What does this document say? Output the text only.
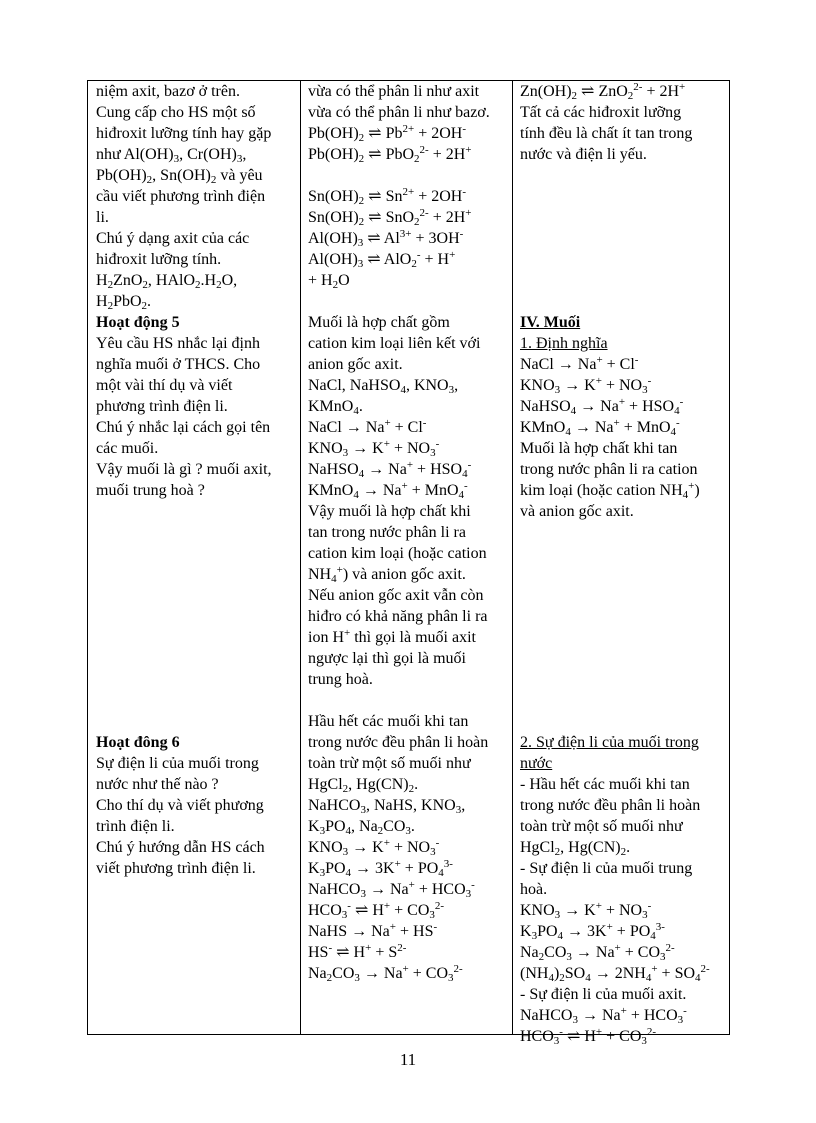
niệm axit, bazơ ở trên.
Cung cấp cho HS một số
hiđroxit lưỡng tính hay gặp
như $Al(OH)_3$, $Cr(OH)_3$,
$Pb(OH)_2$, $Sn(OH)_2$ và yêu
cầu viết phương trình điện
li.
Chú ý dạng axit của các
hiđroxit lưỡng tính.
$H_2ZnO_2$, $HAlO_2.H_2O$,
$H_2PbO_2$.
Hoạt động 5
Yêu cầu HS nhắc lại định
nghĩa muối ở THCS. Cho
một vài thí dụ và viết
phương trình điện li.
Chú ý nhắc lại cách gọi tên
các muối.
Vậy muối là gì ? muối axit,
muối trung hoà ?
Hoạt đông 6
Sự điện li của muối trong
nước như thế nào ?
Cho thí dụ và viết phương
trình điện li.
Chú ý hướng dẫn HS cách
viết phương trình điện li.
vừa có thể phân li như axit
vừa có thể phân li như bazơ.
$Pb(OH)_2$ ⇌ $Pb^{2+} + 2OH^-$
$Pb(OH)_2$ ⇌ PbO$_2^{2-}$ + 2H+
$Sn(OH)_2$ ⇌ $Sn^{2+} + 2OH^-$
$Sn(OH)_2$ ⇌ SnO$_2^{2-}$ + 2H+
$Al(OH)_3$ ⇌ $Al^{3+} + 3OH^-$
$Al(OH)_3$ ⇌ AlO$_2$- + H+
+ $H_2O$
Muối là hợp chất gồm
cation kim loại liên kết với
anion gốc axit.
NaCl, NaHSO$_4$, $KNO_3$,
KMnO$_4$.
NaCl → Na+ + Cl-
$KNO_3 \to K^+ + NO_3^-$
NaHSO$_4$ → $Na^+ + HSO_4^-$
KMnO$_4$ → Na+ + MnO$_4$-
Vậy muối là hợp chất khi
tan trong nước phân li ra
cation kim loại (hoặc cation
$NH_4^+$) và anion gốc axit.
Nếu anion gốc axit vẫn còn
hiđro có khả năng phân li ra
ion H+ thì gọi là muối axit
ngược lại thì gọi là muối
trung hoà.
Hầu hết các muối khi tan
trong nước đều phân li hoàn
toàn trừ một số muối như
HgCl$_2$, $Hg(CN)_2$.
NaHCO$_3$, NaHS, $KNO_3$,
$K_3PO_4$, $Na_2CO_3$.
$KNO_3 \to K^+ + NO_3^-$
$K_3PO_4 \to 3K^+ + PO_4^{3-}$
NaHCO$_3$ → $Na^+ + HCO_3^-$
$HCO_3^-$ ⇌ $H^+ + CO_3^{2-}$
NaHS → Na+ + HS-
HS- ⇌ $H^+ + S^{2-}$
$Na_2CO_3 \to Na^+ + CO_3^{2-}$
$Zn(OH)_2$ ⇌ ZnO$_2^{2-}$ + 2H+
Tất cả các hiđroxit lưỡng
tính đều là chất ít tan trong
nước và điện li yếu.
IV. Muối
1. Định nghĩa
NaCl → Na+ + Cl-
$KNO_3 \to K^+ + NO_3^-$
NaHSO$_4$ → $Na^+ + HSO_4^-$
KMnO$_4$ → Na+ + MnO$_4$-
Muối là hợp chất khi tan
trong nước phân li ra cation
kim loại (hoặc cation $NH_4^+$)
và anion gốc axit.
2. Sự điện li của muối trong
nước
- Hầu hết các muối khi tan
trong nước đều phân li hoàn
toàn trừ một số muối như
HgCl$_2$, $Hg(CN)_2$.
- Sự điện li của muối trung
hoà.
$KNO_3 \to K^+ + NO_3^-$
$K_3PO_4 \to 3K^+ + PO_4^{3-}$
$Na_2CO_3 \to Na^+ + CO_3^{2-}$
$(NH_4)_2SO_4 \to 2NH_4^+ + SO_4^{2-}$
- Sự điện li của muối axit.
NaHCO$_3$ → $Na^+ + HCO_3^-$
$HCO_3^-$ ⇌ $H^+ + CO_3^{2-}$
11
